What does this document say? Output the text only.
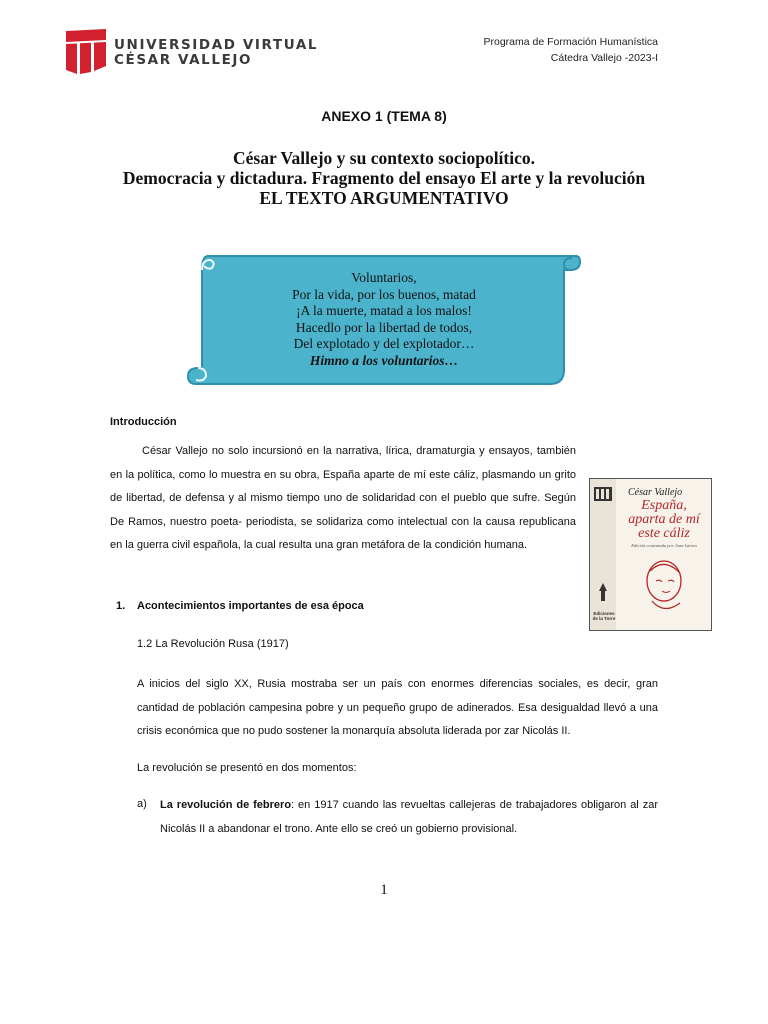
UNIVERSIDAD VIRTUAL
CÉSAR VALLEJO
Programa de Formación Humanística
Cátedra Vallejo -2023-I
ANEXO 1 (TEMA 8)
César Vallejo y su contexto sociopolítico.
Democracia y dictadura. Fragmento del ensayo El arte y la revolución
EL TEXTO ARGUMENTATIVO
Voluntarios,
Por la vida, por los buenos, matad
¡A la muerte, matad a los malos!
Hacedlo por la libertad de todos,
Del explotado y del explotador…
Himno a los voluntarios…
Introducción
César Vallejo no solo incursionó en la narrativa, lírica, dramaturgia y ensayos, también en la política, como lo muestra en su obra, España aparte de mí este cáliz, plasmando un grito de libertad, de defensa y al mismo tiempo uno de solidaridad con el pueblo que sufre. Según De Ramos, nuestro poeta- periodista, se solidariza como intelectual con la causa republicana en la guerra civil española, la cual resulta una gran metáfora de la condición humana.
César Vallejo
España,
aparta de mí
este cáliz
Edición comentada por Juan Larrea
Ediciones
de la Torre
1. Acontecimientos importantes de esa época
1.2 La Revolución Rusa (1917)
A inicios del siglo XX, Rusia mostraba ser un país con enormes diferencias sociales, es decir, gran cantidad de población campesina pobre y un pequeño grupo de adinerados. Esa desigualdad llevó a una crisis económica que no pudo sostener la monarquía absoluta liderada por zar Nicolás II.
La revolución se presentó en dos momentos:
a) La revolución de febrero: en 1917 cuando las revueltas callejeras de trabajadores obligaron al zar Nicolás II a abandonar el trono. Ante ello se creó un gobierno provisional.
1
